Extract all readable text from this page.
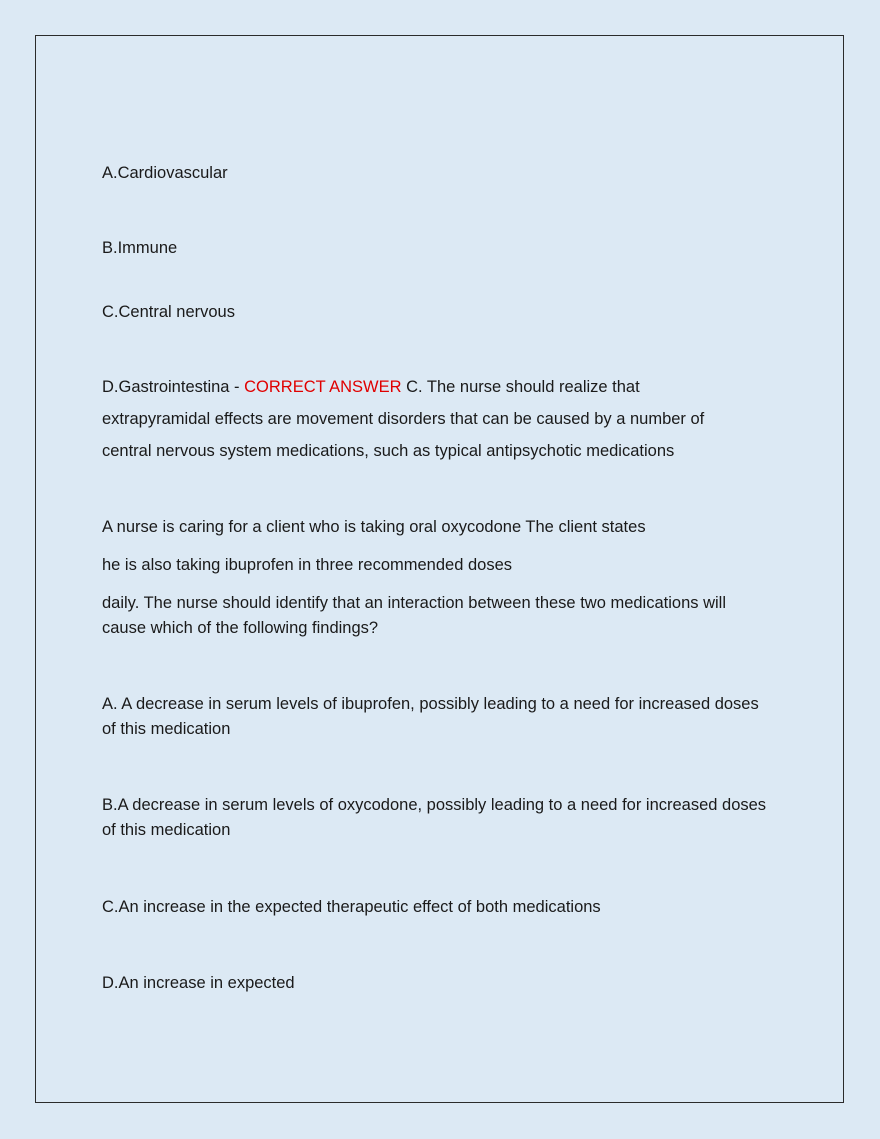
A.Cardiovascular

B.Immune

C.Central nervous

D.Gastrointestina - CORRECT ANSWER C. The nurse should realize that

extrapyramidal effects are movement disorders that can be caused by a number of

central nervous system medications, such as typical antipsychotic medications

A nurse is caring for a client who is taking oral oxycodone The client states

he is also taking ibuprofen in three recommended doses

daily. The nurse should identify that an interaction between these two medications will cause which of the following findings?

A. A decrease in serum levels of ibuprofen, possibly leading to a need for increased doses of this medication

B.A decrease in serum levels of oxycodone, possibly leading to a need for increased doses of this medication

C.An increase in the expected therapeutic effect of both medications

D.An increase in expected
